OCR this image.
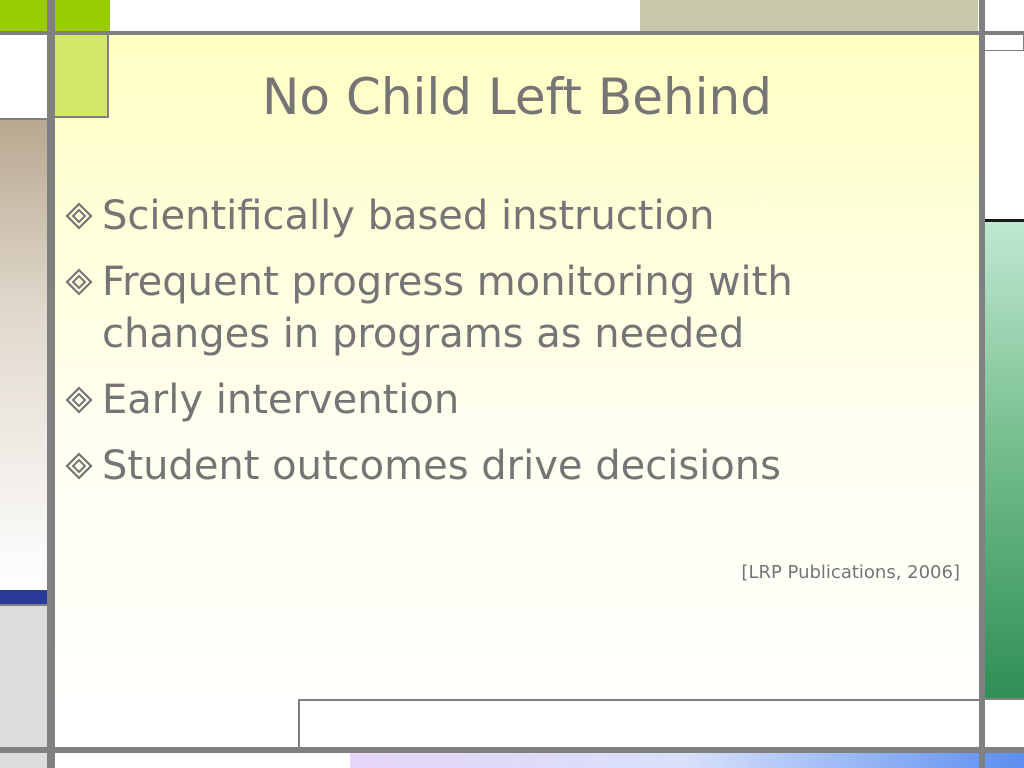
No Child Left Behind
Scientifically based instruction
Frequent progress monitoring with changes in programs as needed
Early intervention
Student outcomes drive decisions
[LRP Publications, 2006]
